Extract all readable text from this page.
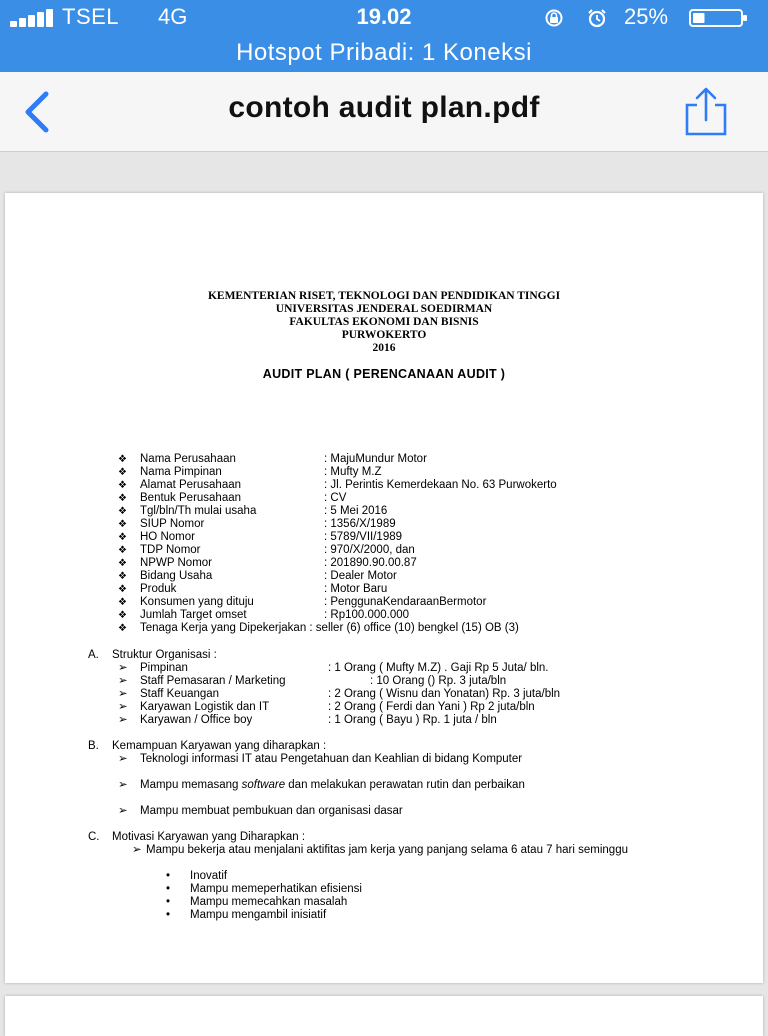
TSEL 4G	19.02	25%
Hotspot Pribadi: 1 Koneksi
contoh audit plan.pdf
KEMENTERIAN RISET, TEKNOLOGI DAN PENDIDIKAN TINGGI
UNIVERSITAS JENDERAL SOEDIRMAN
FAKULTAS EKONOMI DAN BISNIS
PURWOKERTO
2016
AUDIT PLAN ( PERENCANAAN AUDIT )
❖	Nama Perusahaan	: MajuMundur Motor
❖	Nama Pimpinan	: Mufty M.Z
❖	Alamat Perusahaan	: Jl. Perintis Kemerdekaan No. 63 Purwokerto
❖	Bentuk Perusahaan	: CV
❖	Tgl/bln/Th mulai usaha	: 5 Mei 2016
❖	SIUP Nomor	: 1356/X/1989
❖	HO Nomor	: 5789/VII/1989
❖	TDP Nomor	: 970/X/2000, dan
❖	NPWP Nomor	: 201890.90.00.87
❖	Bidang Usaha	: Dealer Motor
❖	Produk	: Motor Baru
❖	Konsumen yang dituju	: PenggunaKendaraanBermotor
❖	Jumlah Target omset	: Rp100.000.000
❖	Tenaga Kerja yang Dipekerjakan : seller (6) office (10) bengkel (15) OB (3)
A. Struktur Organisasi :
➢ Pimpinan	: 1 Orang ( Mufty M.Z) . Gaji Rp 5 Juta/ bln.
➢ Staff Pemasaran / Marketing	: 10 Orang () Rp. 3 juta/bln
➢ Staff Keuangan	: 2 Orang ( Wisnu dan Yonatan) Rp. 3 juta/bln
➢ Karyawan Logistik dan IT	: 2 Orang ( Ferdi dan Yani ) Rp 2 juta/bln
➢ Karyawan / Office boy	: 1 Orang ( Bayu ) Rp. 1 juta / bln
B. Kemampuan Karyawan yang diharapkan :
➢ Teknologi informasi IT atau Pengetahuan dan Keahlian di bidang Komputer
➢ Mampu memasang software dan melakukan perawatan rutin dan perbaikan
➢ Mampu membuat pembukuan dan organisasi dasar
C. Motivasi Karyawan yang Diharapkan :
➢ Mampu bekerja atau menjalani aktifitas jam kerja yang panjang selama 6 atau 7 hari seminggu
• Inovatif
• Mampu memeperhatikan efisiensi
• Mampu memecahkan masalah
• Mampu mengambil inisiatif
